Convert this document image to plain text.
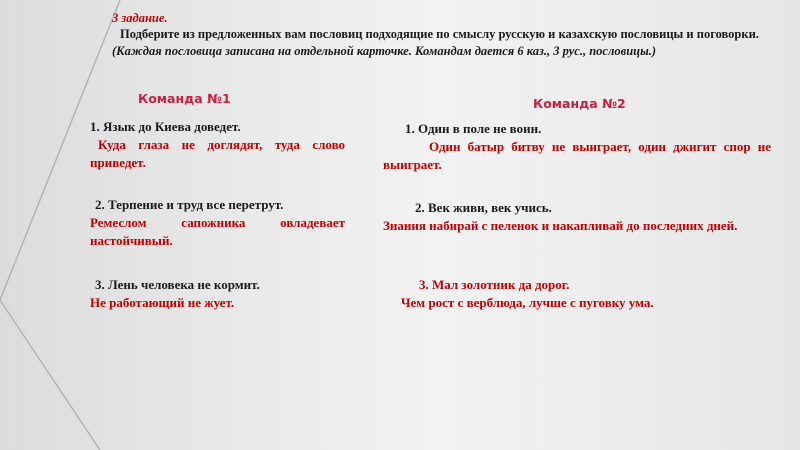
3 задание.
Подберите из предложенных вам пословиц подходящие по смыслу русскую и казахскую пословицы и поговорки.
(Каждая пословица записана на отдельной карточке. Командам дается 6 каз., 3 рус., пословицы.)
Команда №1	Команда №2
1. Язык до Киева доведет.
Куда глаза не доглядят, туда слово приведет.
2. Терпение и труд все перетрут.
Ремеслом сапожника овладевает настойчивый.
3. Лень человека не кормит.
Не работающий не жует.
1. Один в поле не воин.
Один батыр битву не выиграет, один джигит спор не выиграет.
2. Век живи, век учись.
Знания набирай с пеленок и накапливай до последних дней.
3. Мал золотник да дорог.
Чем рост с верблюда, лучше с пуговку ума.
